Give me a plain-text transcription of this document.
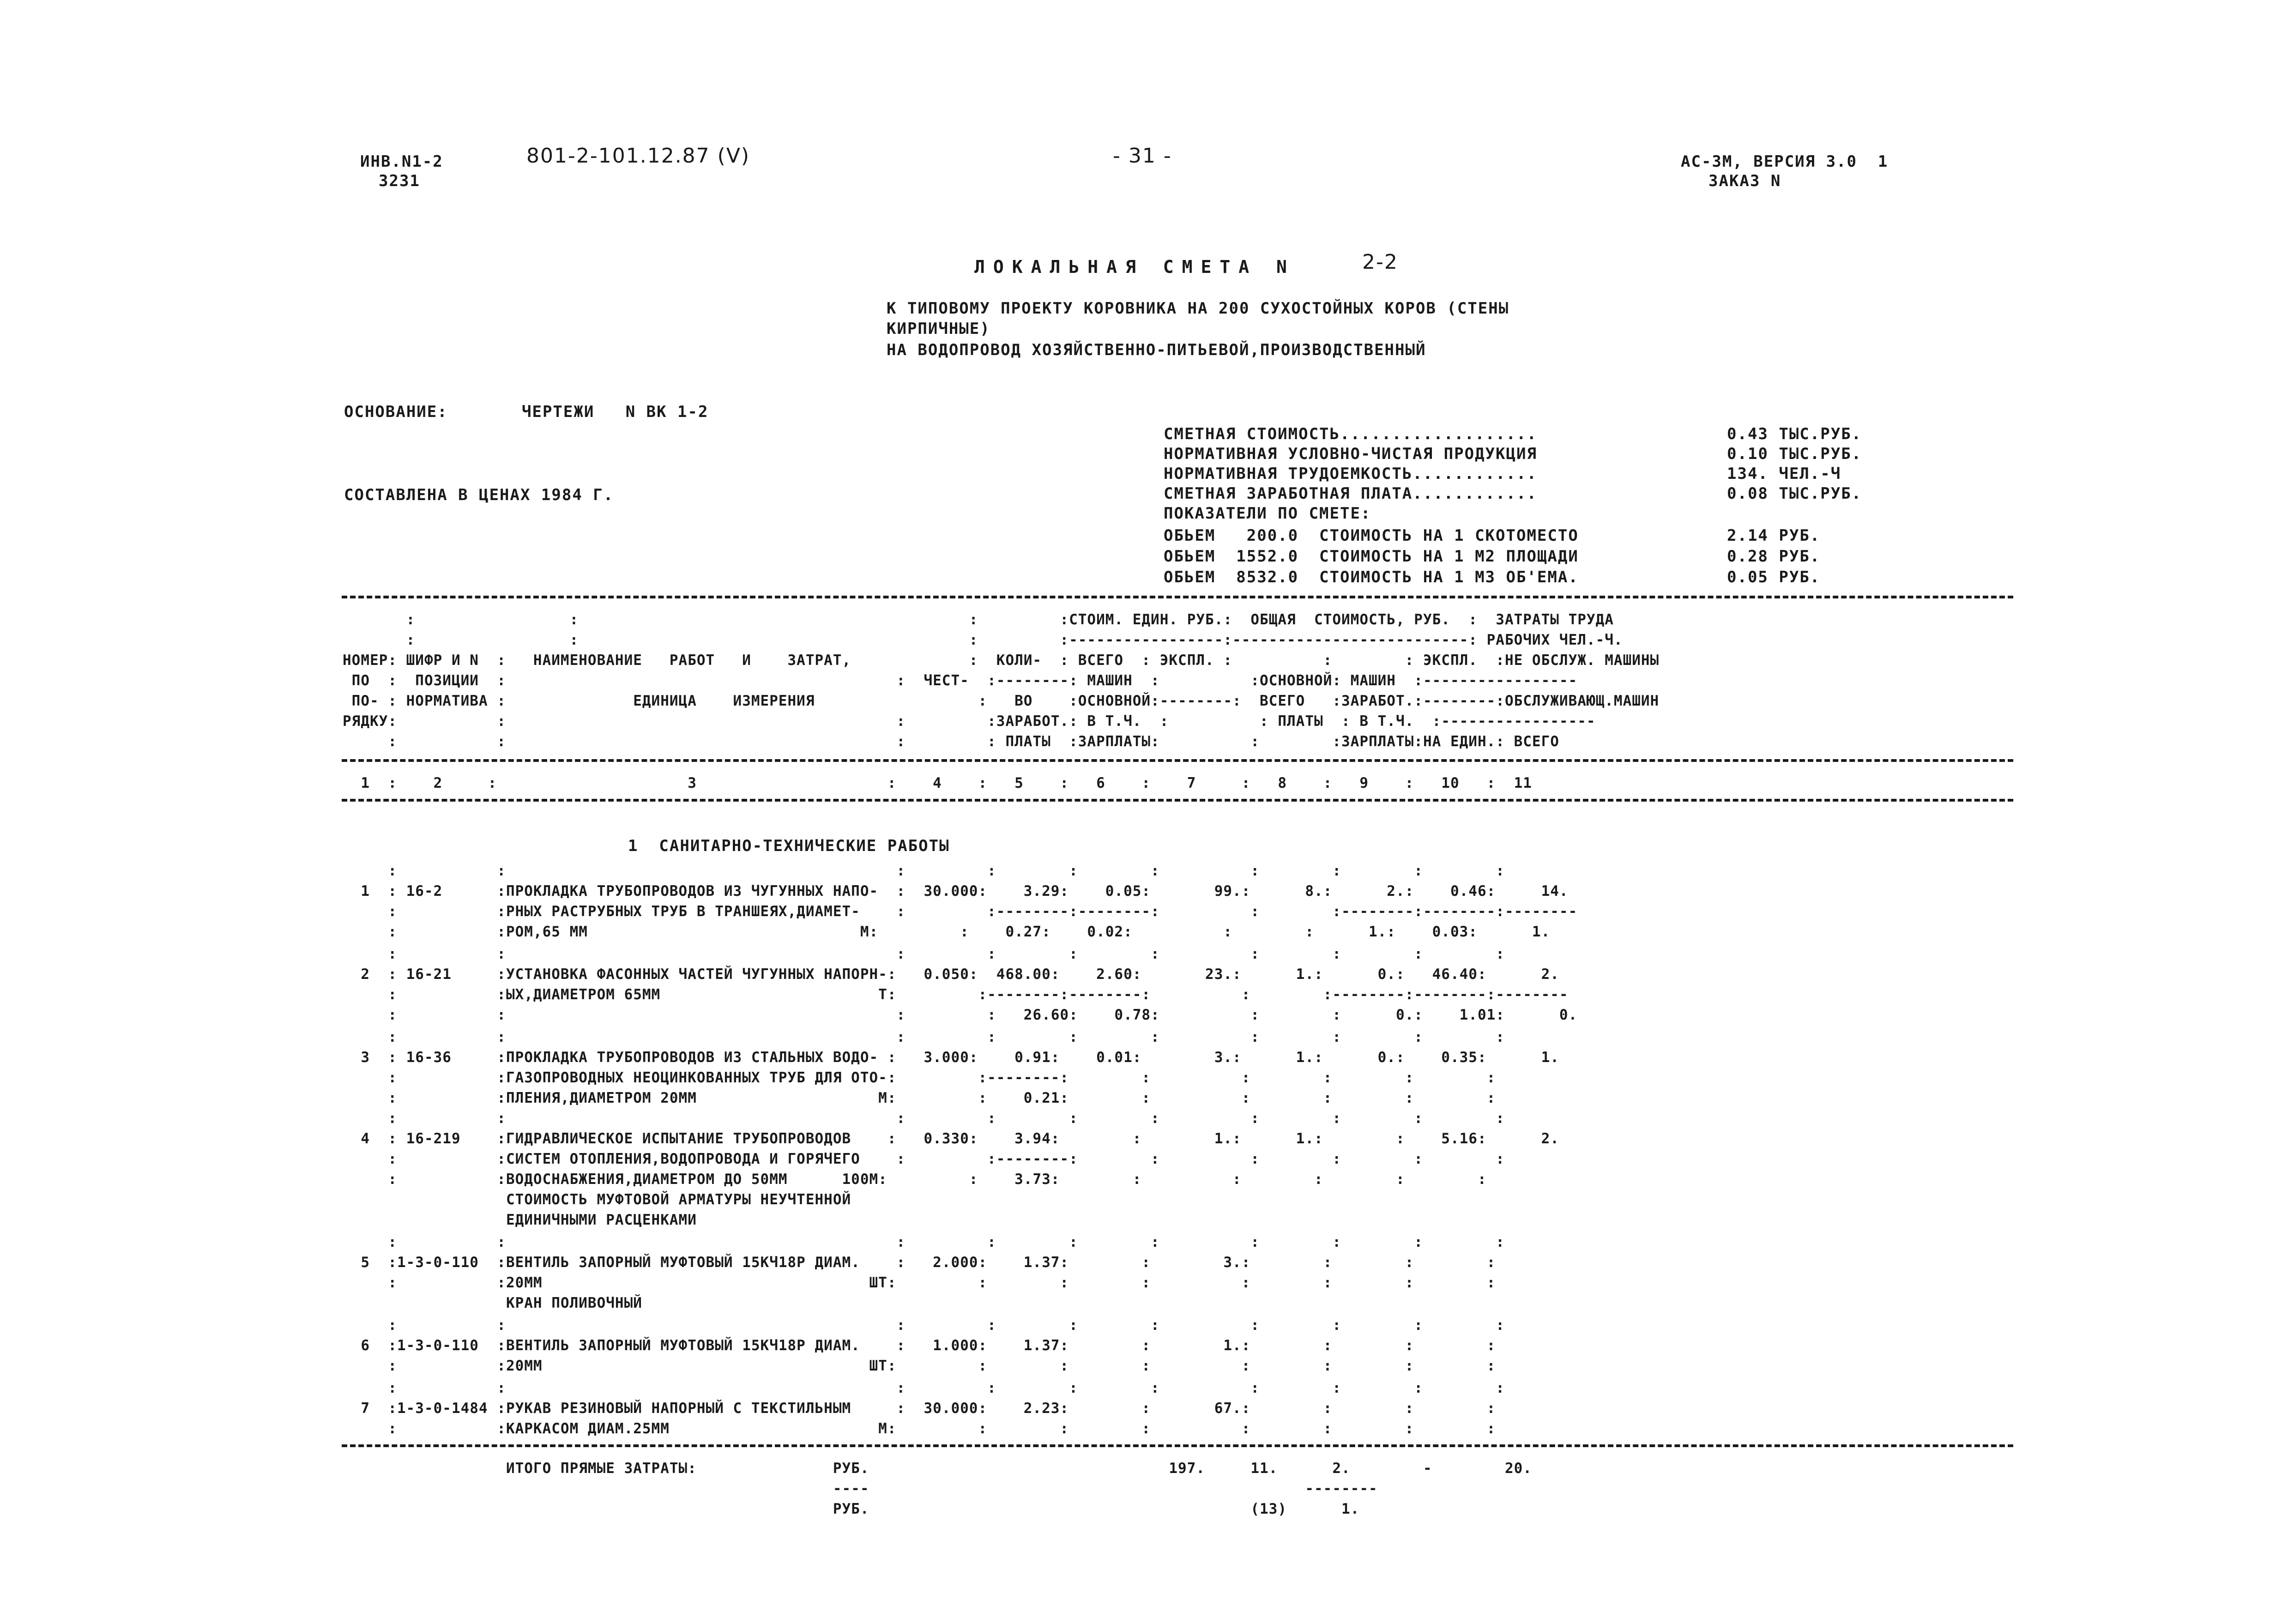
ИНВ.N1-2
3231
801-2-101.12.87 (V)	- 31 -	АС-3М, ВЕРСИЯ 3.0  1
ЗАКАЗ N
ЛОКАЛЬНАЯ СМЕТА N	2-2
К ТИПОВОМУ ПРОЕКТУ КОРОВНИКА НА 200 СУХОСТОЙНЫХ КОРОВ (СТЕНЫ
КИРПИЧНЫЕ)
НА ВОДОПРОВОД ХОЗЯЙСТВЕННО-ПИТЬЕВОЙ,ПРОИЗВОДСТВЕННЫЙ
ОСНОВАНИЕ:	ЧЕРТЕЖИ   N ВК 1-2
СОСТАВЛЕНА В ЦЕНАХ 1984 Г.
СМЕТНАЯ СТОИМОСТЬ...................	0.43 ТЫС.РУБ.
НОРМАТИВНАЯ УСЛОВНО-ЧИСТАЯ ПРОДУКЦИЯ	0.10 ТЫС.РУБ.
НОРМАТИВНАЯ ТРУДОЕМКОСТЬ............	134. ЧЕЛ.-Ч
СМЕТНАЯ ЗАРАБОТНАЯ ПЛАТА............	0.08 ТЫС.РУБ.
ПОКАЗАТЕЛИ ПО СМЕТЕ:
ОБЬЕМ   200.0  СТОИМОСТЬ НА 1 СКОТОМЕСТО	2.14 РУБ.
ОБЬЕМ  1552.0  СТОИМОСТЬ НА 1 М2 ПЛОЩАДИ	0.28 РУБ.
ОБЬЕМ  8532.0  СТОИМОСТЬ НА 1 М3 ОБ'ЕМА.	0.05 РУБ.
:                 :                                           :         :СТОИМ. ЕДИН. РУБ.:  ОБЩАЯ  СТОИМОСТЬ, РУБ.  :  ЗАТРАТЫ ТРУДА
:                 :                                           :         :-----------------:--------------------------: РАБОЧИХ ЧЕЛ.-Ч.
НОМЕР: ШИФР И N  :   НАИМЕНОВАНИЕ   РАБОТ   И    ЗАТРАТ,             :  КОЛИ-  : ВСЕГО  : ЭКСПЛ. :          :        : ЭКСПЛ.  :НЕ ОБСЛУЖ. МАШИНЫ
ПО  :  ПОЗИЦИИ  :                                           :  ЧЕСТ-  :--------: МАШИН  :          :ОСНОВНОЙ: МАШИН  :-----------------
ПО- : НОРМАТИВА :              ЕДИНИЦА    ИЗМЕРЕНИЯ                  :   ВО    :ОСНОВНОЙ:--------:  ВСЕГО   :ЗАРАБОТ.:--------:ОБСЛУЖИВАЮЩ.МАШИН
РЯДКУ:           :                                           :         :ЗАРАБОТ.: В Т.Ч.  :          : ПЛАТЫ  : В Т.Ч.  :-----------------
:           :                                           :         : ПЛАТЫ  :ЗАРПЛАТЫ:          :        :ЗАРПЛАТЫ:НА ЕДИН.: ВСЕГО
1  :    2     :                     3                     :    4    :   5    :   6    :    7     :   8    :   9    :   10   :  11
1  САНИТАРНО-ТЕХНИЧЕСКИЕ РАБОТЫ
:           :                                           :         :        :        :          :        :        :        :
1  : 16-2      :ПРОКЛАДКА ТРУБОПРОВОДОВ ИЗ ЧУГУННЫХ НАПО-  :  30.000:    3.29:    0.05:       99.:      8.:      2.:    0.46:     14.
:           :РНЫХ РАСТРУБНЫХ ТРУБ В ТРАНШЕЯХ,ДИАМЕТ-    :         :--------:--------:          :        :--------:--------:--------
:           :РОМ,65 ММ                              М:         :    0.27:    0.02:          :        :      1.:    0.03:      1.
:           :                                           :         :        :        :          :        :        :        :
2  : 16-21     :УСТАНОВКА ФАСОННЫХ ЧАСТЕЙ ЧУГУННЫХ НАПОРН-:   0.050:  468.00:    2.60:       23.:      1.:      0.:   46.40:      2.
:           :ЫХ,ДИАМЕТРОМ 65ММ                        Т:         :--------:--------:          :        :--------:--------:--------
:           :                                           :         :   26.60:    0.78:          :        :      0.:    1.01:      0.
:           :                                           :         :        :        :          :        :        :        :
3  : 16-36     :ПРОКЛАДКА ТРУБОПРОВОДОВ ИЗ СТАЛЬНЫХ ВОДО- :   3.000:    0.91:    0.01:        3.:      1.:      0.:    0.35:      1.
:           :ГАЗОПРОВОДНЫХ НЕОЦИНКОВАННЫХ ТРУБ ДЛЯ ОТО-:         :--------:        :          :        :        :        :
:           :ПЛЕНИЯ,ДИАМЕТРОМ 20ММ                    М:         :    0.21:        :          :        :        :        :
:           :                                           :         :        :        :          :        :        :        :
4  : 16-219    :ГИДРАВЛИЧЕСКОЕ ИСПЫТАНИЕ ТРУБОПРОВОДОВ    :   0.330:    3.94:        :        1.:      1.:        :    5.16:      2.
:           :СИСТЕМ ОТОПЛЕНИЯ,ВОДОПРОВОДА И ГОРЯЧЕГО    :         :--------:        :          :        :        :        :
:           :ВОДОСНАБЖЕНИЯ,ДИАМЕТРОМ ДО 50ММ      100М:         :    3.73:        :          :        :        :        :
СТОИМОСТЬ МУФТОВОЙ АРМАТУРЫ НЕУЧТЕННОЙ
ЕДИНИЧНЫМИ РАСЦЕНКАМИ
:           :                                           :         :        :        :          :        :        :        :
5  :1-3-0-110  :ВЕНТИЛЬ ЗАПОРНЫЙ МУФТОВЫЙ 15КЧ18Р ДИАМ.    :   2.000:    1.37:        :        3.:        :        :        :
:           :20ММ                                    ШТ:         :        :        :          :        :        :        :
КРАН ПОЛИВОЧНЫЙ
:           :                                           :         :        :        :          :        :        :        :
6  :1-3-0-110  :ВЕНТИЛЬ ЗАПОРНЫЙ МУФТОВЫЙ 15КЧ18Р ДИАМ.    :   1.000:    1.37:        :        1.:        :        :        :
:           :20ММ                                    ШТ:         :        :        :          :        :        :        :
:           :                                           :         :        :        :          :        :        :        :
7  :1-3-0-1484 :РУКАВ РЕЗИНОВЫЙ НАПОРНЫЙ С ТЕКСТИЛЬНЫМ     :  30.000:    2.23:        :       67.:        :        :        :
:           :КАРКАСОМ ДИАМ.25ММ                       М:         :        :        :          :        :        :        :
ИТОГО ПРЯМЫЕ ЗАТРАТЫ:               РУБ.                                 197.     11.      2.        -        20.
----                                                --------
РУБ.                                          (13)      1.
